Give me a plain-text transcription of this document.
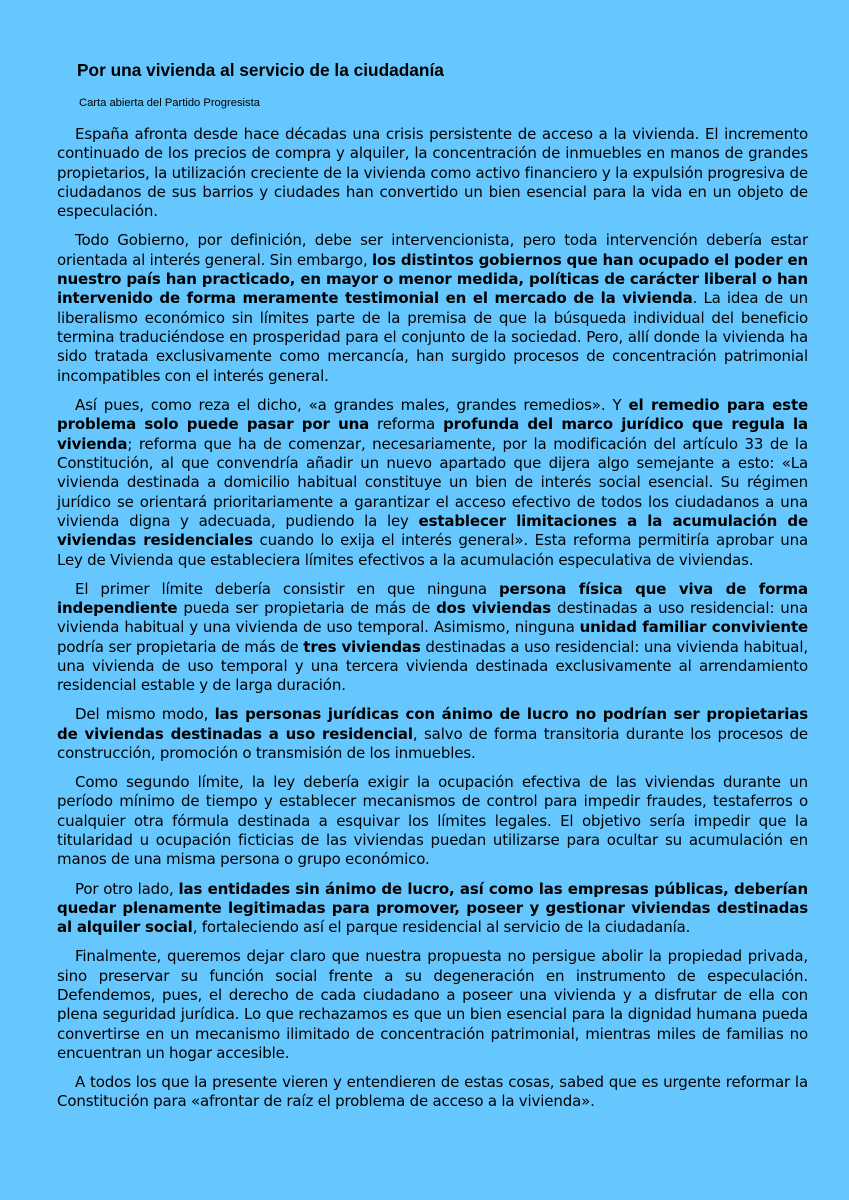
Por una vivienda al servicio de la ciudadanía
Carta abierta del Partido Progresista

España afronta desde hace décadas una crisis persistente de acceso a la vivienda. El incremento continuado de los precios de compra y alquiler, la concentración de inmuebles en manos de grandes propietarios, la utilización creciente de la vivienda como activo financiero y la expulsión progresiva de ciudadanos de sus barrios y ciudades han convertido un bien esencial para la vida en un objeto de especulación.

Todo Gobierno, por definición, debe ser intervencionista, pero toda intervención debería estar orientada al interés general. Sin embargo, los distintos gobiernos que han ocupado el poder en nuestro país han practicado, en mayor o menor medida, políticas de carácter liberal o han intervenido de forma meramente testimonial en el mercado de la vivienda. La idea de un liberalismo económico sin límites parte de la premisa de que la búsqueda individual del beneficio termina traduciéndose en prosperidad para el conjunto de la sociedad. Pero, allí donde la vivienda ha sido tratada exclusivamente como mercancía, han surgido procesos de concentración patrimonial incompatibles con el interés general.

Así pues, como reza el dicho, «a grandes males, grandes remedios». Y el remedio para este problema solo puede pasar por una reforma profunda del marco jurídico que regula la vivienda; reforma que ha de comenzar, necesariamente, por la modificación del artículo 33 de la Constitución, al que convendría añadir un nuevo apartado que dijera algo semejante a esto: «La vivienda destinada a domicilio habitual constituye un bien de interés social esencial. Su régimen jurídico se orientará prioritariamente a garantizar el acceso efectivo de todos los ciudadanos a una vivienda digna y adecuada, pudiendo la ley establecer limitaciones a la acumulación de viviendas residenciales cuando lo exija el interés general». Esta reforma permitiría aprobar una Ley de Vivienda que estableciera límites efectivos a la acumulación especulativa de viviendas.

El primer límite debería consistir en que ninguna persona física que viva de forma independiente pueda ser propietaria de más de dos viviendas destinadas a uso residencial: una vivienda habitual y una vivienda de uso temporal. Asimismo, ninguna unidad familiar conviviente podría ser propietaria de más de tres viviendas destinadas a uso residencial: una vivienda habitual, una vivienda de uso temporal y una tercera vivienda destinada exclusivamente al arrendamiento residencial estable y de larga duración.

Del mismo modo, las personas jurídicas con ánimo de lucro no podrían ser propietarias de viviendas destinadas a uso residencial, salvo de forma transitoria durante los procesos de construcción, promoción o transmisión de los inmuebles.

Como segundo límite, la ley debería exigir la ocupación efectiva de las viviendas durante un período mínimo de tiempo y establecer mecanismos de control para impedir fraudes, testaferros o cualquier otra fórmula destinada a esquivar los límites legales. El objetivo sería impedir que la titularidad u ocupación ficticias de las viviendas puedan utilizarse para ocultar su acumulación en manos de una misma persona o grupo económico.

Por otro lado, las entidades sin ánimo de lucro, así como las empresas públicas, deberían quedar plenamente legitimadas para promover, poseer y gestionar viviendas destinadas al alquiler social, fortaleciendo así el parque residencial al servicio de la ciudadanía.

Finalmente, queremos dejar claro que nuestra propuesta no persigue abolir la propiedad privada, sino preservar su función social frente a su degeneración en instrumento de especulación. Defendemos, pues, el derecho de cada ciudadano a poseer una vivienda y a disfrutar de ella con plena seguridad jurídica. Lo que rechazamos es que un bien esencial para la dignidad humana pueda convertirse en un mecanismo ilimitado de concentración patrimonial, mientras miles de familias no encuentran un hogar accesible.

A todos los que la presente vieren y entendieren de estas cosas, sabed que es urgente reformar la Constitución para «afrontar de raíz el problema de acceso a la vivienda».
